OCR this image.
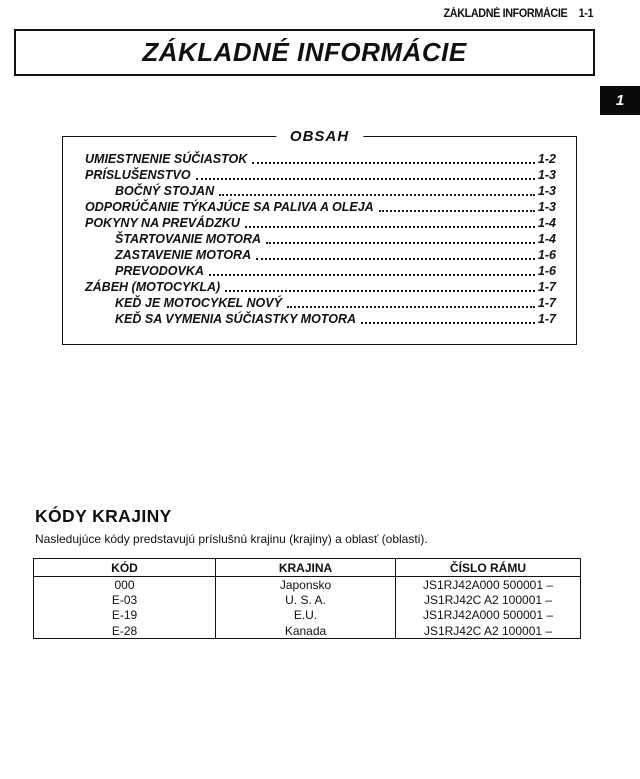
ZÁKLADNÉ INFORMÁCIE 1-1
ZÁKLADNÉ INFORMÁCIE
1
OBSAH
UMIESTNENIE SÚČIASTOK	1-2
PRÍSLUŠENSTVO	1-3
BOČNÝ STOJAN	1-3
ODPORÚČANIE TÝKAJÚCE SA PALIVA A OLEJA	1-3
POKYNY NA PREVÁDZKU	1-4
ŠTARTOVANIE MOTORA	1-4
ZASTAVENIE MOTORA	1-6
PREVODOVKA	1-6
ZÁBEH (MOTOCYKLA)	1-7
KEĎ JE MOTOCYKEL NOVÝ	1-7
KEĎ SA VYMENIA SÚČIASTKY MOTORA	1-7
KÓDY KRAJINY
Nasledujúce kódy predstavujú príslušnú krajinu (krajiny) a oblasť (oblasti).
KÓD	KRAJINA	ČÍSLO RÁMU
000	Japonsko	JS1RJ42A000 500001 –
E-03	U. S. A.	JS1RJ42C A2 100001 –
E-19	E.U.	JS1RJ42A000 500001 –
E-28	Kanada	JS1RJ42C A2 100001 –
